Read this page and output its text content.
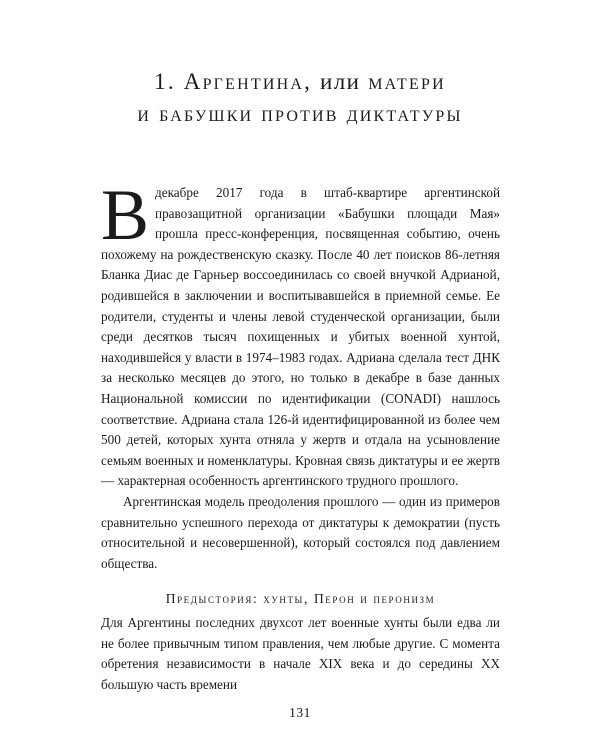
1. Аргентина, или матери
и бабушки против диктатуры

Вдекабре 2017 года в штаб-квартире аргентинской правозащитной организации «Бабушки площади Мая» прошла пресс-конференция, посвященная событию, очень похожему на рождественскую сказку. После 40 лет поисков 86-летняя Бланка Диас де Гарньер воссоединилась со своей внучкой Адрианой, родившейся в заключении и воспитывавшейся в приемной семье. Ее родители, студенты и члены левой студенческой организации, были среди десятков тысяч похищенных и убитых военной хунтой, находившейся у власти в 1974–1983 годах. Адриана сделала тест ДНК за несколько месяцев до этого, но только в декабре в базе данных Национальной комиссии по идентификации (CONADI) нашлось соответствие. Адриана стала 126-й идентифицированной из более чем 500 детей, которых хунта отняла у жертв и отдала на усыновление семьям военных и номенклатуры. Кровная связь диктатуры и ее жертв — характерная особенность аргентинского трудного прошлого.

Аргентинская модель преодоления прошлого — один из примеров сравнительно успешного перехода от диктатуры к демократии (пусть относительной и несовершенной), который состоялся под давлением общества.

Предыстория: хунты, Перон и перонизм

Для Аргентины последних двухсот лет военные хунты были едва ли не более привычным типом правления, чем любые другие. С момента обретения независимости в начале XIX века и до середины XX большую часть времени

131
